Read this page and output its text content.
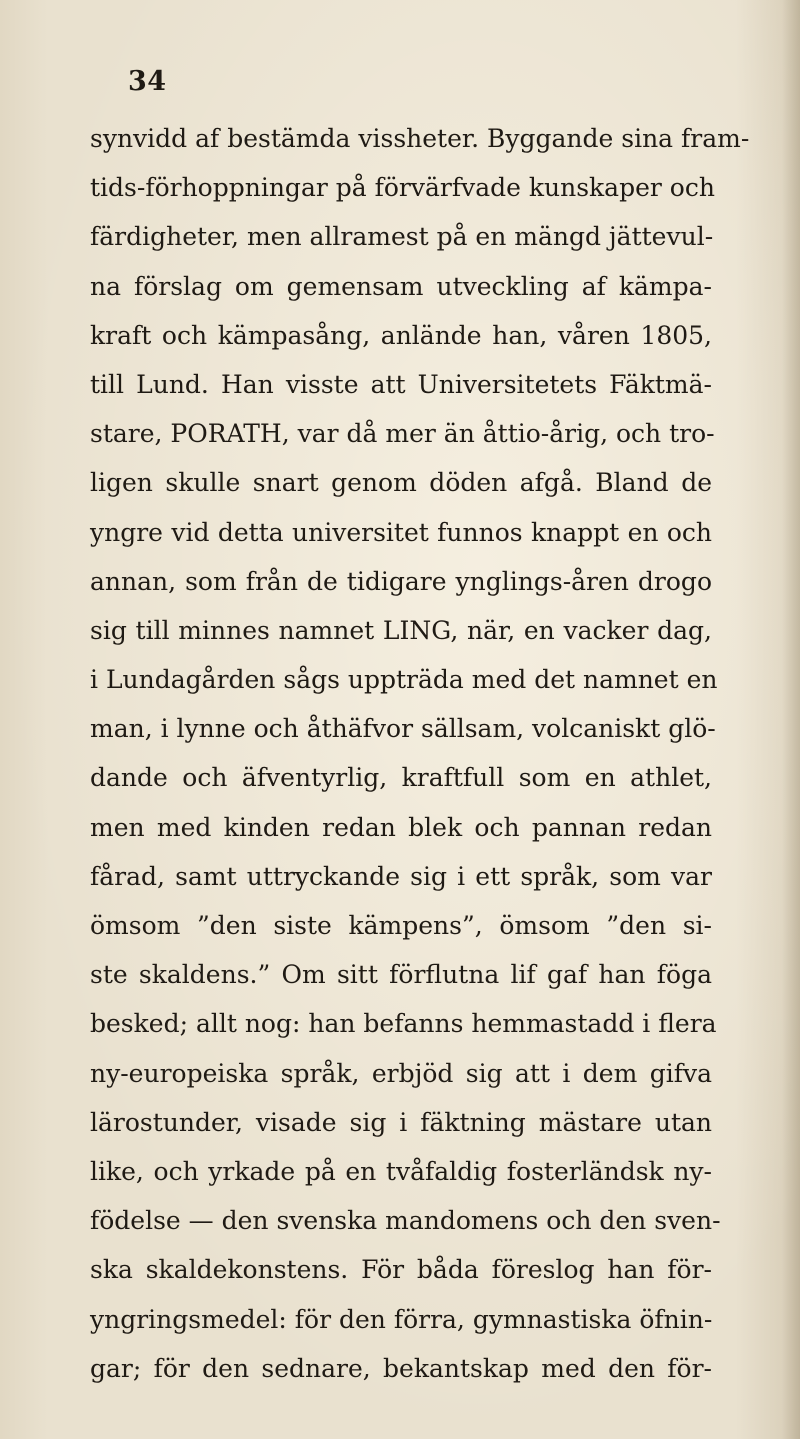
34
synvidd af bestämda vissheter. Byggande sina fram-
tids-förhoppningar på förvärfvade kunskaper och
färdigheter, men allramest på en mängd jättevul-
na förslag om gemensam utveckling af kämpa-
kraft och kämpasång, anlände han, våren 1805,
till Lund. Han visste att Universitetets Fäktmä-
stare, PORATH, var då mer än åttio-årig, och tro-
ligen skulle snart genom döden afgå. Bland de
yngre vid detta universitet funnos knappt en och
annan, som från de tidigare ynglings-åren drogo
sig till minnes namnet LING, när, en vacker dag,
i Lundagården sågs uppträda med det namnet en
man, i lynne och åthäfvor sällsam, volcaniskt glö-
dande och äfventyrlig, kraftfull som en athlet,
men med kinden redan blek och pannan redan
fårad, samt uttryckande sig i ett språk, som var
ömsom ”den siste kämpens”, ömsom ”den si-
ste skaldens.” Om sitt förflutna lif gaf han föga
besked; allt nog: han befanns hemmastadd i flera
ny-europeiska språk, erbjöd sig att i dem gifva
lärostunder, visade sig i fäktning mästare utan
like, och yrkade på en tvåfaldig fosterländsk ny-
födelse — den svenska mandomens och den sven-
ska skaldekonstens. För båda föreslog han för-
yngringsmedel: för den förra, gymnastiska öfnin-
gar; för den sednare, bekantskap med den för-
